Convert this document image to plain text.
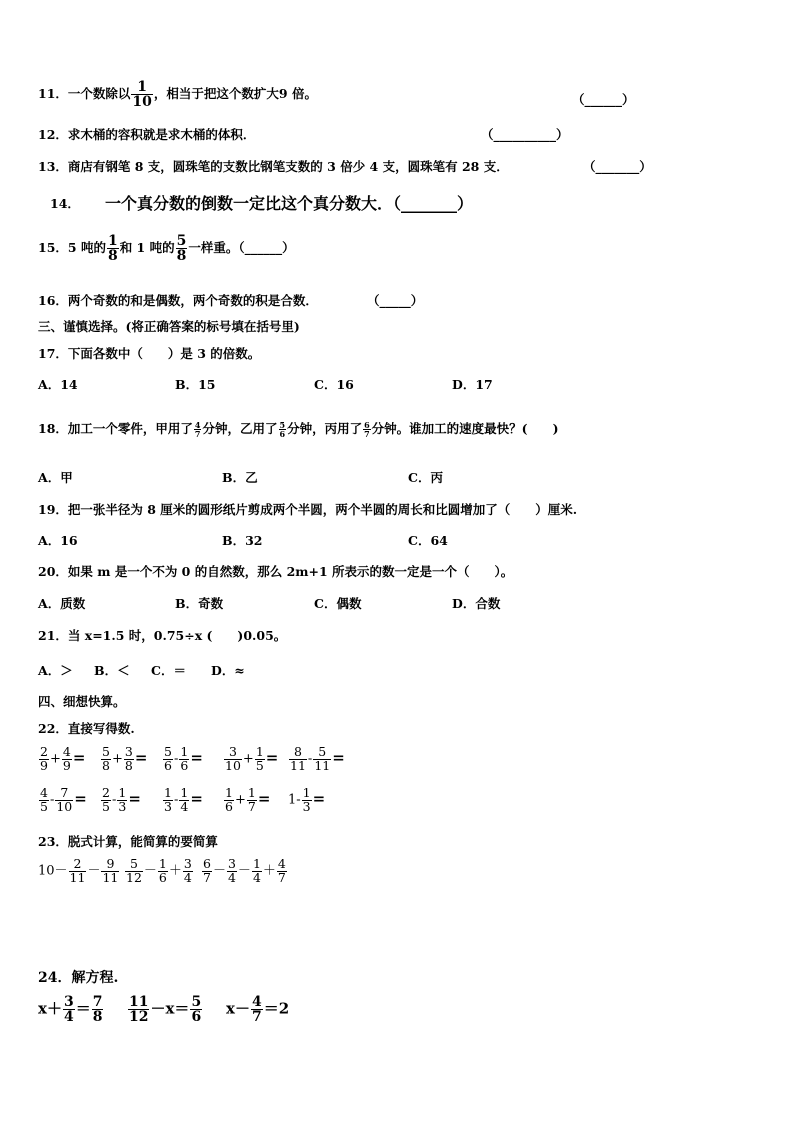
11．一个数除以 $\frac{1}{10}$ ，相当于把这个数扩大9 倍。	（______）
12．求木桶的容积就是求木桶的体积．	（__________）
13．商店有钢笔 8 支，圆珠笔的支数比钢笔支数的 3 倍少 4 支，圆珠笔有 28 支．	（_______）
14． 一个真分数的倒数一定比这个真分数大．（_______）
15．5 吨的 $\frac{1}{8}$ 和 1 吨的 $\frac{5}{8}$ 一样重。（______）
16．两个奇数的和是偶数，两个奇数的积是合数．	（_____）
三、谨慎选择。(将正确答案的标号填在括号里)
17．下面各数中（　　）是 3 的倍数。
A．14	B．15	C．16	D．17
18．加工一个零件，甲用了 $\frac{4}{7}$ 分钟，乙用了 $\frac{5}{6}$ 分钟，丙用了 $\frac{6}{7}$ 分钟。谁加工的速度最快？(　　)
A．甲	B．乙	C．丙
19．把一张半径为 8 厘米的圆形纸片剪成两个半圆，两个半圆的周长和比圆增加了（　　）厘米.
A．16	B．32	C．64
20．如果 m 是一个不为 0 的自然数，那么 2m+1 所表示的数一定是一个（　　）。
A．质数	B．奇数	C．偶数	D．合数
21．当 x=1.5 时，0.75÷x (　　)0.05。
A．＞ B．＜ C．＝ D．≈
四、细想快算。
22．直接写得数.
$\frac{2}{9} + \frac{4}{9} = \frac{5}{8} + \frac{3}{8} = \frac{5}{6} - \frac{1}{6} = \frac{3}{10} + \frac{1}{5} = \frac{8}{11} - \frac{5}{11}$ =
$\frac{4}{5} - \frac{7}{10} = \frac{2}{5} - \frac{1}{3} = \frac{1}{3} - \frac{1}{4} = \frac{1}{6} + \frac{1}{7} = 1- \frac{1}{3}$ =
23．脱式计算，能简算的要简算
$10- \frac{2}{11} - \frac{9}{11} \frac{5}{12} - \frac{1}{6} + \frac{3}{4} \frac{6}{7} - \frac{3}{4} - \frac{1}{4} + \frac{4}{7}$
24．解方程.
$x+ \frac{3}{4} = \frac{7}{8} \frac{11}{12} -x= \frac{5}{6} x- \frac{4}{7} =2$
